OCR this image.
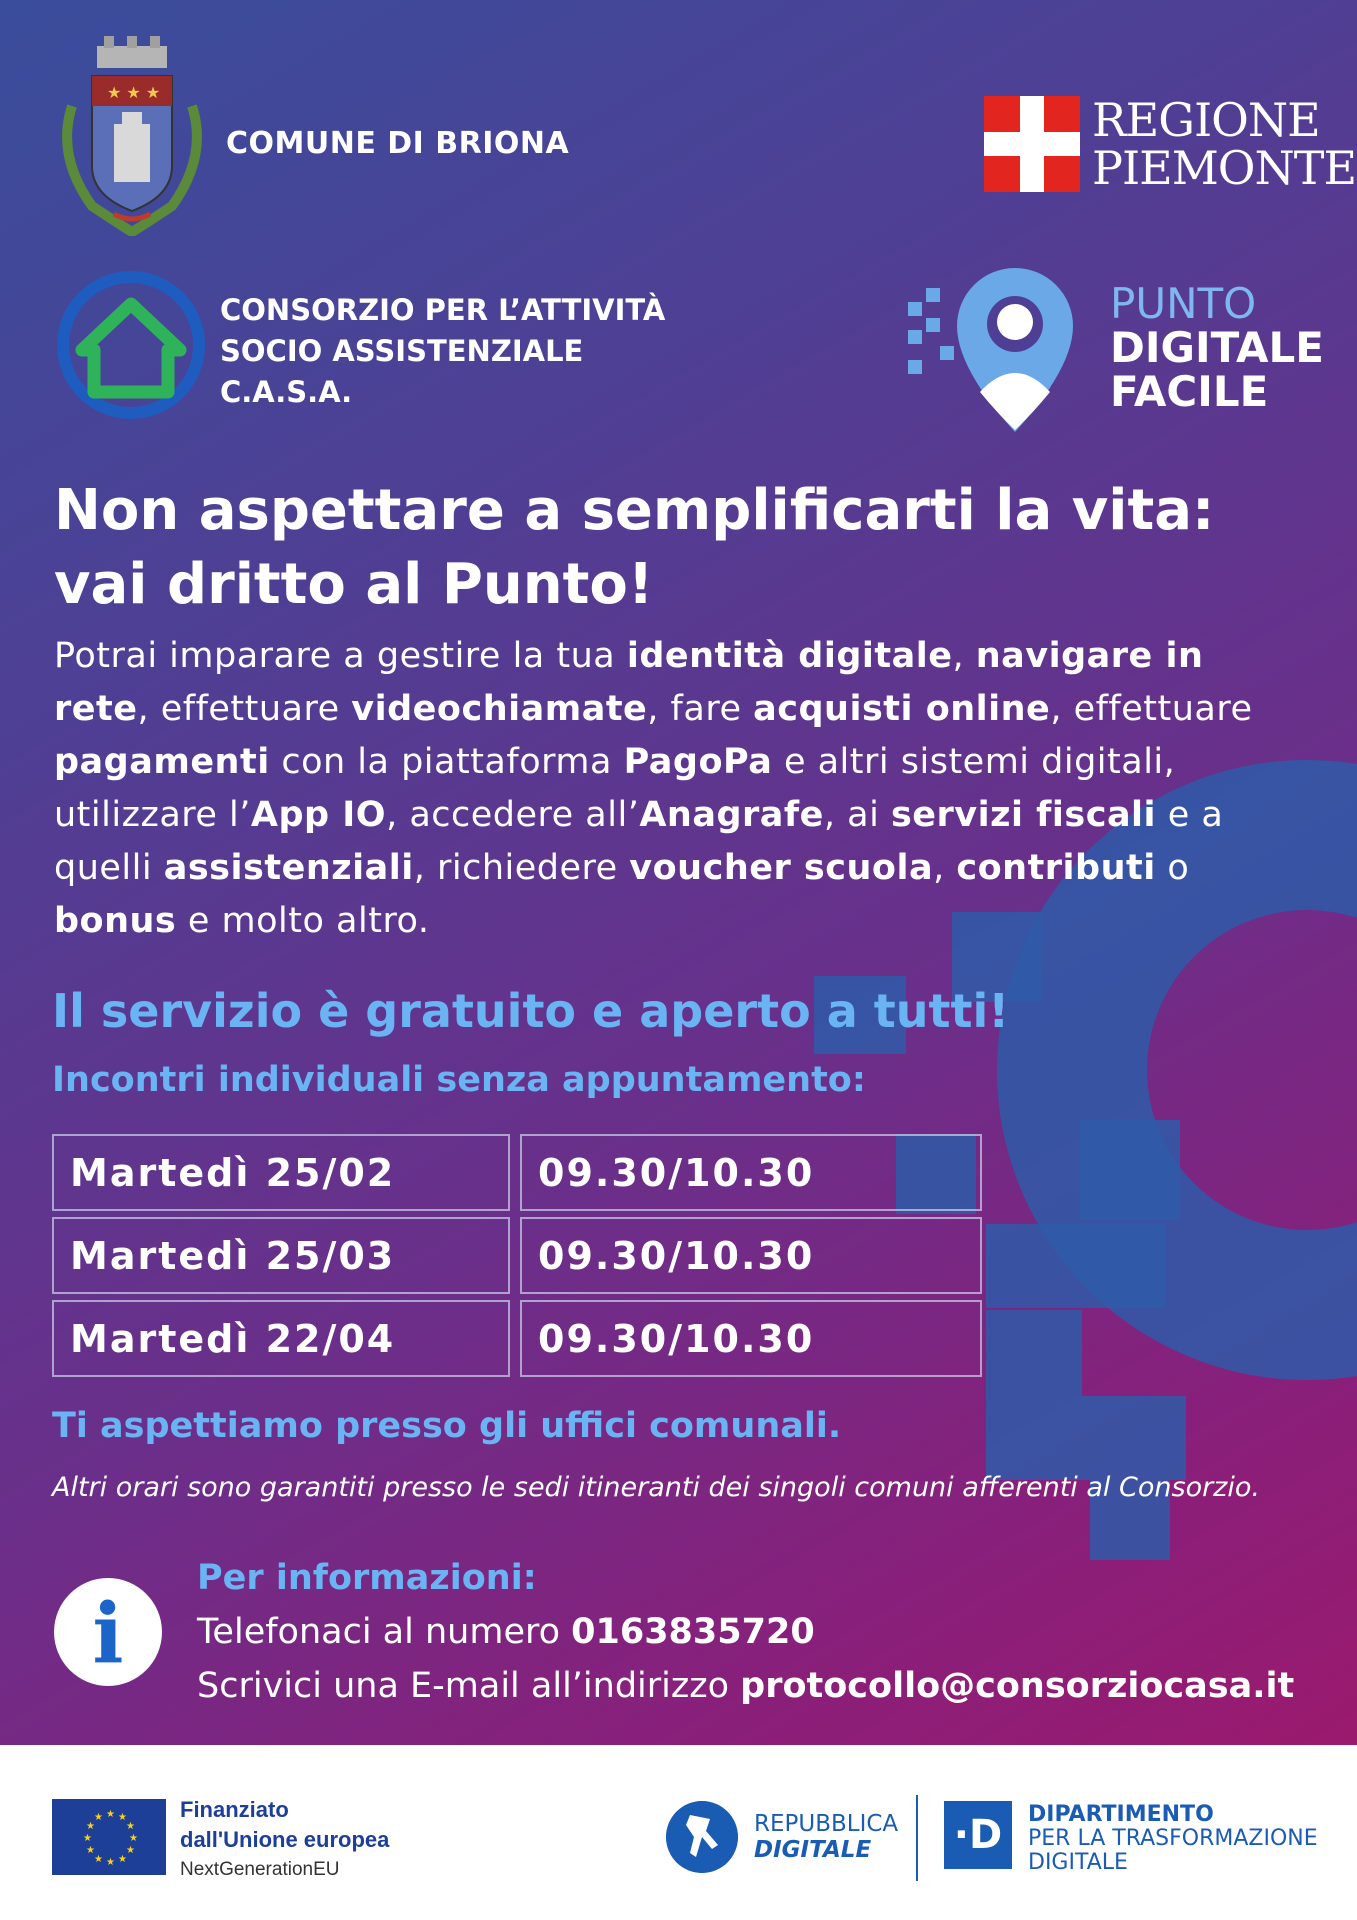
★ ★ ★
COMUNE DI BRIONA	REGIONE
PIEMONTE
CONSORZIO PER L’ATTIVITÀ
SOCIO ASSISTENZIALE
C.A.S.A.
PUNTO
DIGITALE
FACILE
Non aspettare a semplificarti la vita:
vai dritto al Punto!

Potrai imparare a gestire la tua identità digitale, navigare in rete, effettuare videochiamate, fare acquisti online, effettuare pagamenti con la piattaforma PagoPa e altri sistemi digitali, utilizzare l’App IO, accedere all’Anagrafe, ai servizi fiscali e a quelli assistenziali, richiedere voucher scuola, contributi o bonus e molto altro.

Il servizio è gratuito e aperto a tutti!
Incontri individuali senza appuntamento:
Martedì 25/02	09.30/10.30
Martedì 25/03	09.30/10.30
Martedì 22/04	09.30/10.30
Ti aspettiamo presso gli uffici comunali.
Altri orari sono garantiti presso le sedi itineranti dei singoli comuni afferenti al Consorzio.
i
Per informazioni:
Telefonaci al numero 0163835720
Scrivici una E-mail all’indirizzo protocollo@consorziocasa.it
★ ★
★
★
★
★
★
★
★
★
★
★	Finanziato
dall'Unione europea
NextGenerationEU
REPUBBLICA
DIGITALE	·D	DIPARTIMENTO
PER LA TRASFORMAZIONE
DIGITALE
